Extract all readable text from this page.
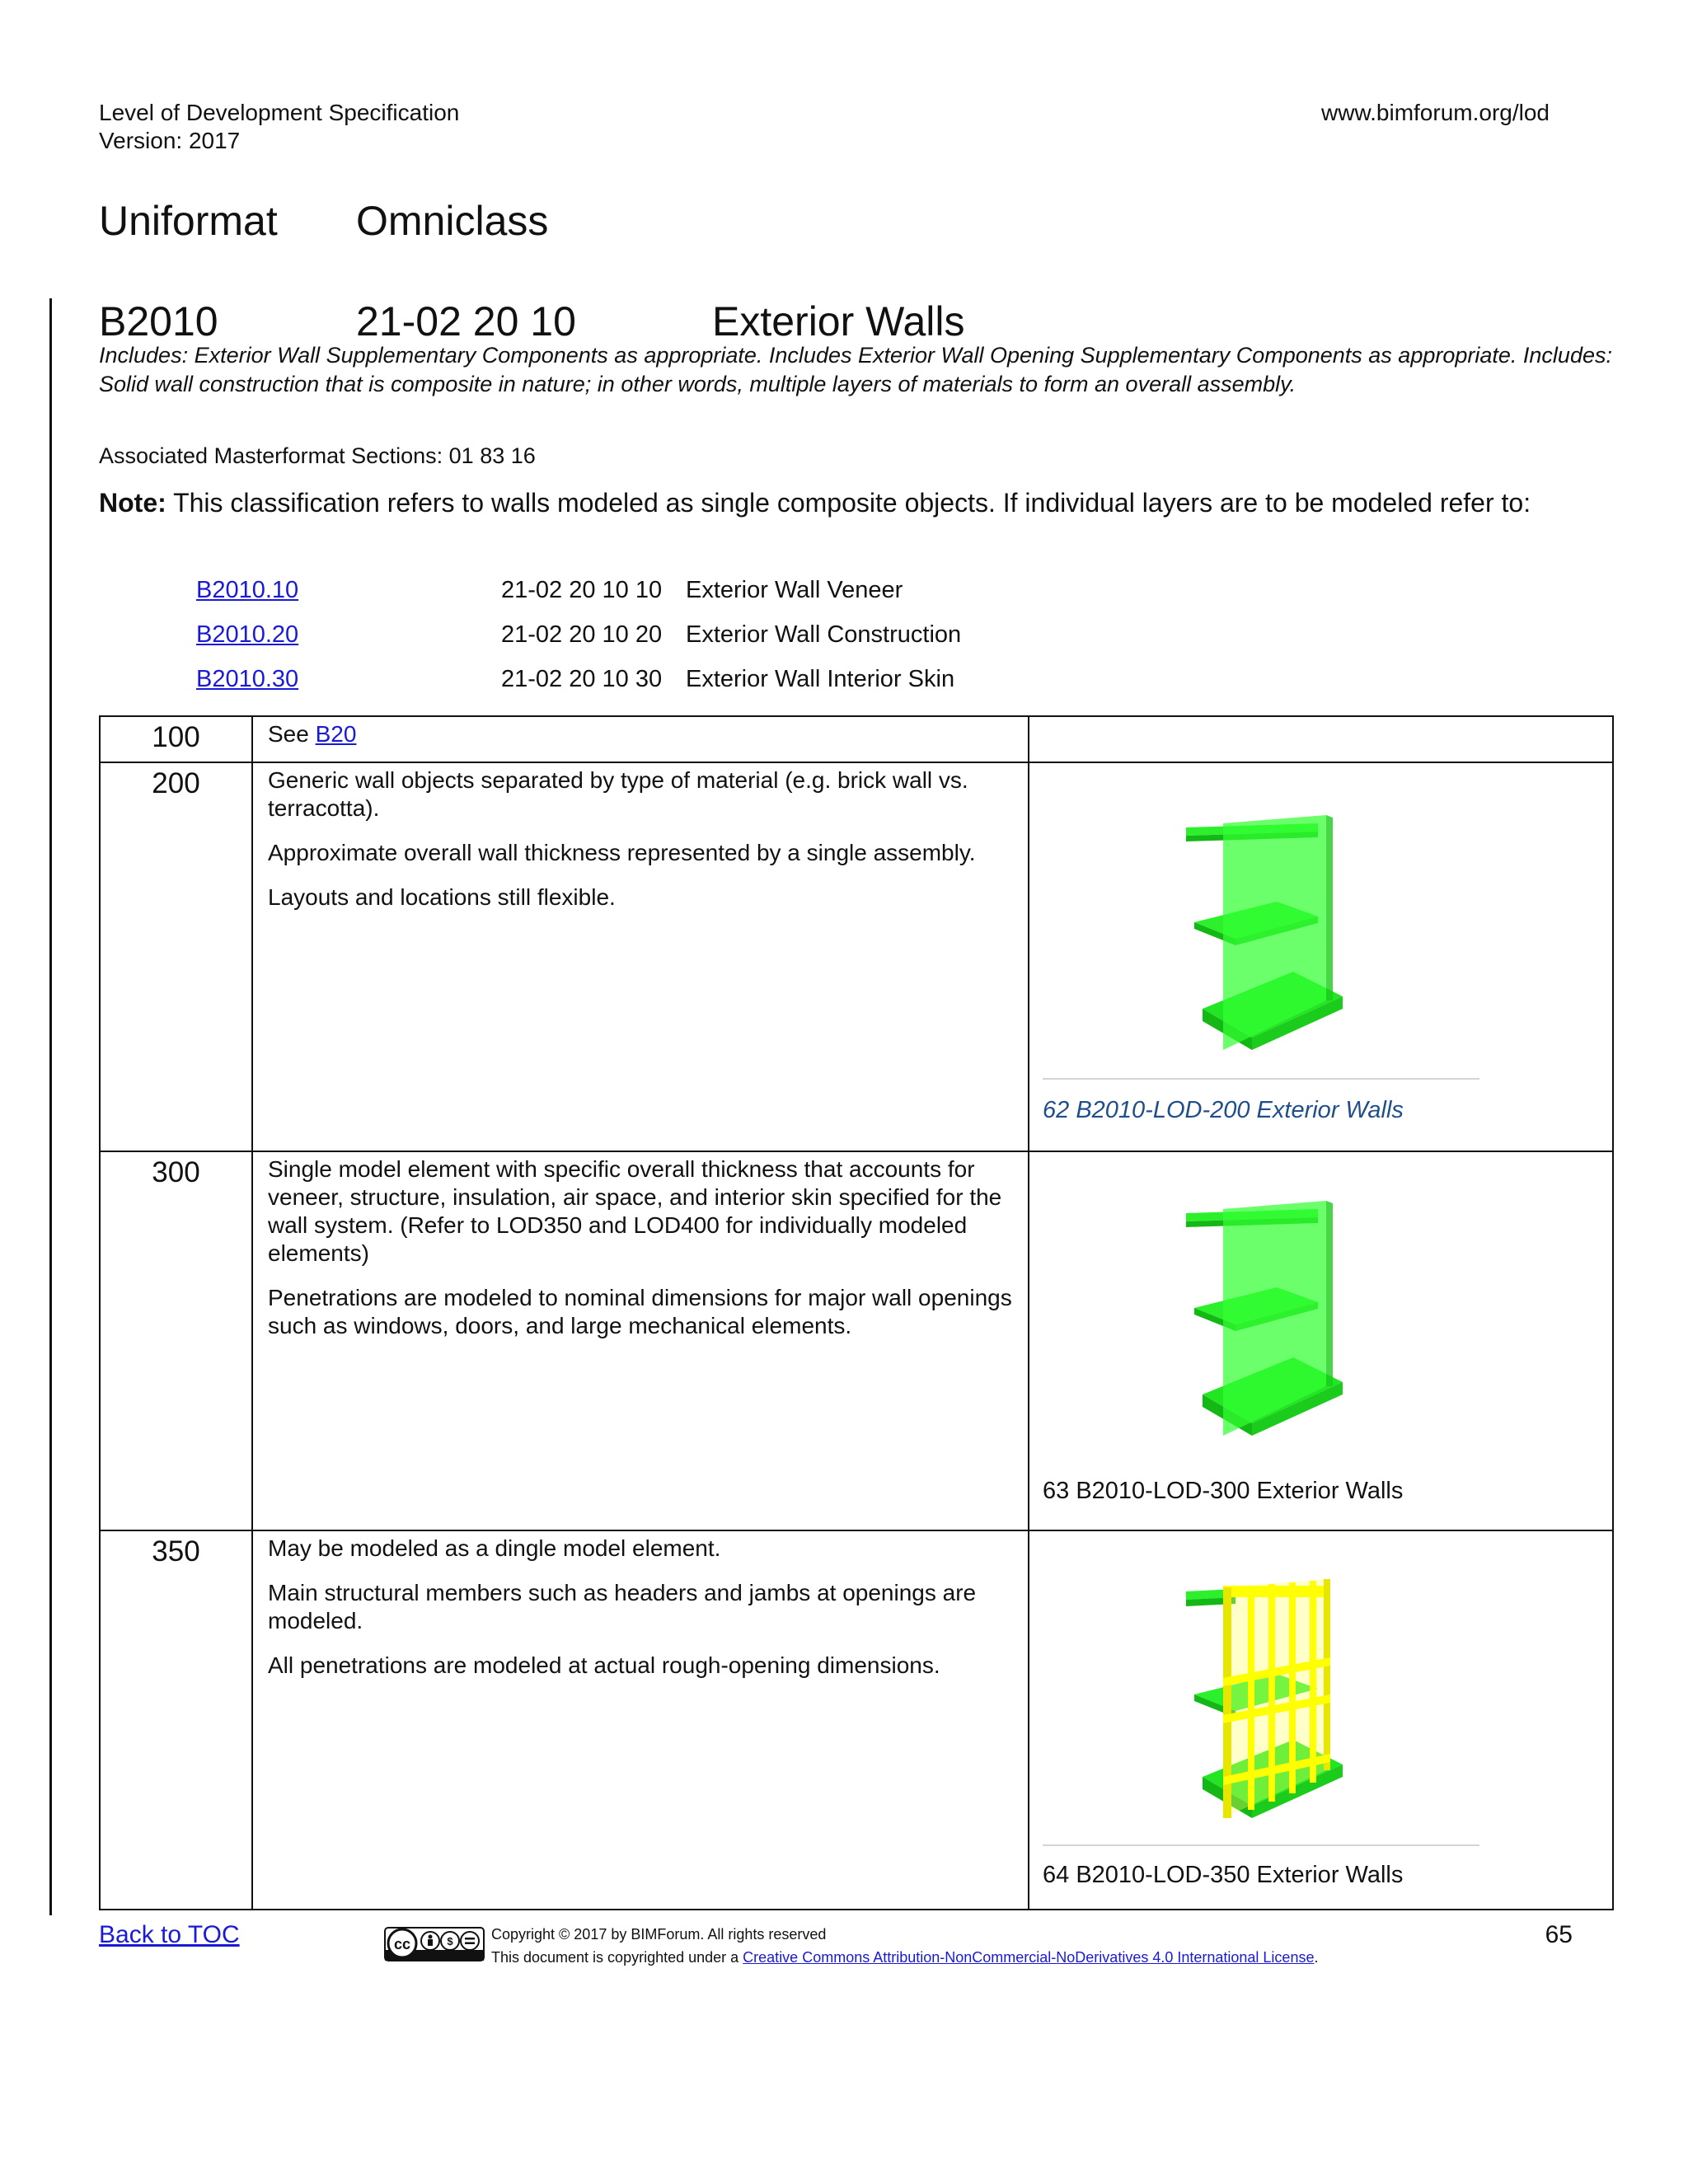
Level of Development Specification
Version: 2017
www.bimforum.org/lod
Uniformat Omniclass
B2010	21-02 20 10	Exterior Walls
Includes: Exterior Wall Supplementary Components as appropriate. Includes Exterior Wall Opening Supplementary Components as appropriate. Includes: Solid wall construction that is composite in nature; in other words, multiple layers of materials to form an overall assembly.
Associated Masterformat Sections: 01 83 16
Note: This classification refers to walls modeled as single composite objects. If individual layers are to be modeled refer to:
B2010.10	21-02 20 10 10 Exterior Wall Veneer
B2010.20	21-02 20 10 20 Exterior Wall Construction
B2010.30	21-02 20 10 30 Exterior Wall Interior Skin
100	See B20	
200	Generic wall objects separated by type of material (e.g. brick wall vs. terracotta).

Approximate overall wall thickness represented by a single assembly.

Layouts and locations still flexible.	62 B2010-LOD-200 Exterior Walls

300	Single model element with specific overall thickness that accounts for veneer, structure, insulation, air space, and interior skin specified for the wall system. (Refer to LOD350 and LOD400 for individually modeled elements)

Penetrations are modeled to nominal dimensions for major wall openings such as windows, doors, and large mechanical elements.	63 B2010-LOD-300 Exterior Walls

350	May be modeled as a dingle model element.

Main structural members such as headers and jambs at openings are modeled.

All penetrations are modeled at actual rough-opening dimensions.	64 B2010-LOD-350 Exterior Walls
Back to TOC	cc	$	Copyright © 2017 by BIMForum. All rights reserved
This document is copyrighted under a Creative Commons Attribution-NonCommercial-NoDerivatives 4.0 International License.
65
